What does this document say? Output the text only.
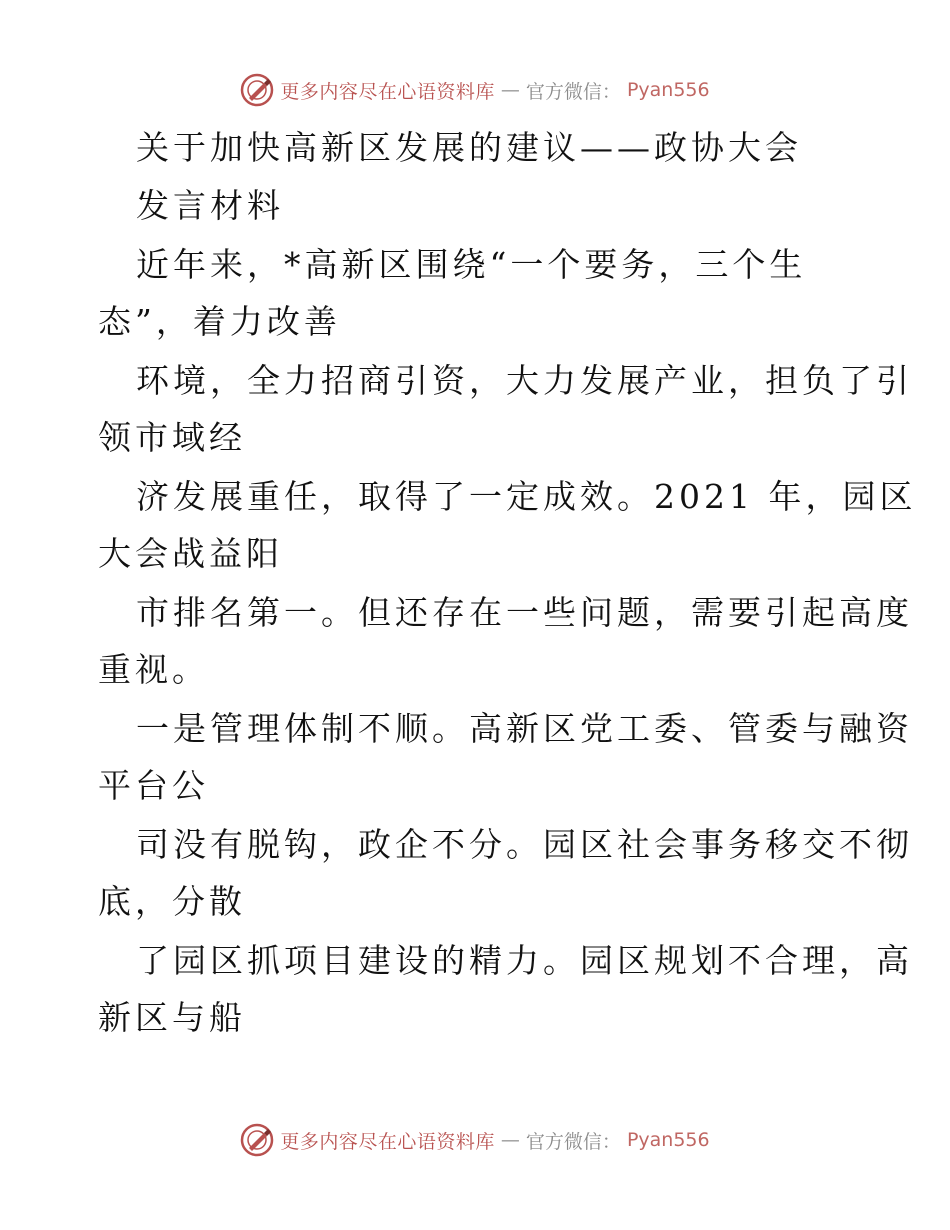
更多内容尽在心语资料库 — 官方微信： Pyan556
关于加快高新区发展的建议——政协大会
发言材料
近年来，*高新区围绕“一个要务，三个生
态”，着力改善
环境，全力招商引资，大力发展产业，担负了引
领市域经
济发展重任，取得了一定成效。2021 年，园区
大会战益阳
市排名第一。但还存在一些问题，需要引起高度
重视。
一是管理体制不顺。高新区党工委、管委与融资
平台公
司没有脱钩，政企不分。园区社会事务移交不彻
底，分散
了园区抓项目建设的精力。园区规划不合理，高
新区与船
更多内容尽在心语资料库 — 官方微信： Pyan556
